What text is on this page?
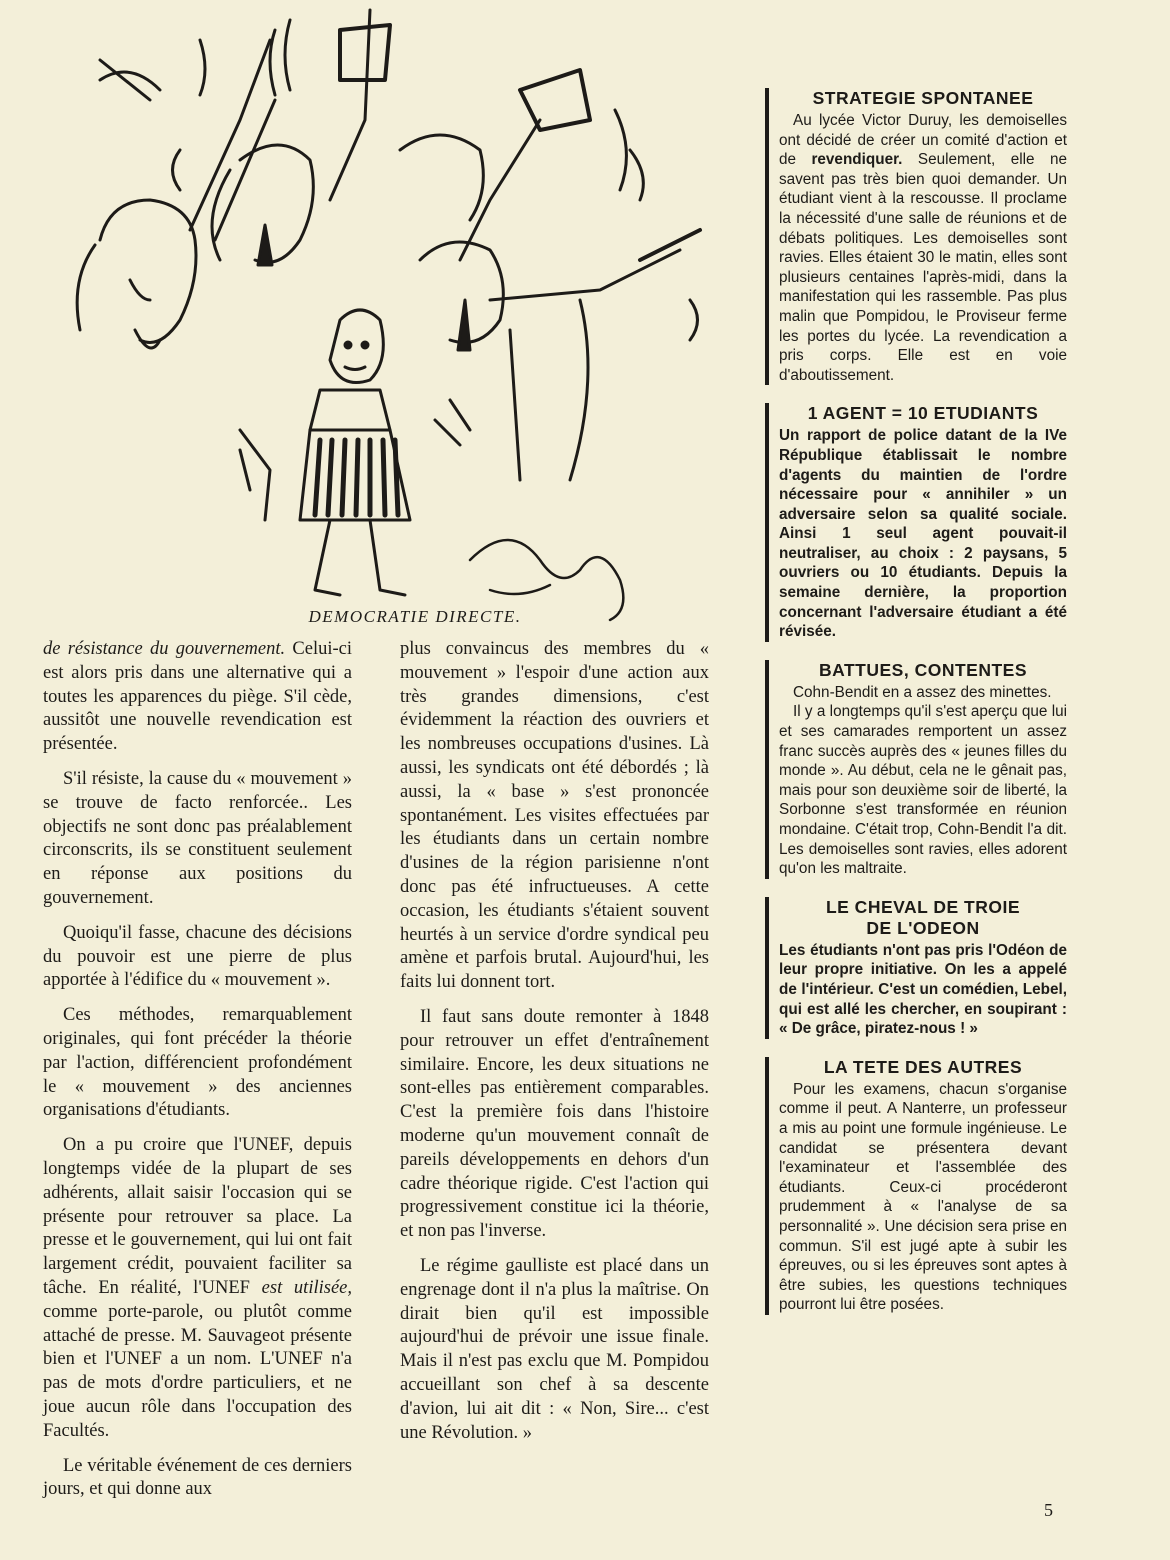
DEMOCRATIE DIRECTE.

de résistance du gouvernement. Celui-ci est alors pris dans une alternative qui a toutes les apparences du piège. S'il cède, aussitôt une nouvelle revendication est présentée.

S'il résiste, la cause du « mouvement » se trouve de facto renforcée.. Les objectifs ne sont donc pas préalablement circonscrits, ils se constituent seulement en réponse aux positions du gouvernement.

Quoiqu'il fasse, chacune des décisions du pouvoir est une pierre de plus apportée à l'édifice du « mouvement ».

Ces méthodes, remarquablement originales, qui font précéder la théorie par l'action, différencient profondément le « mouvement » des anciennes organisations d'étudiants.

On a pu croire que l'UNEF, depuis longtemps vidée de la plupart de ses adhérents, allait saisir l'occasion qui se présente pour retrouver sa place. La presse et le gouvernement, qui lui ont fait largement crédit, pouvaient faciliter sa tâche. En réalité, l'UNEF est utilisée, comme porte-parole, ou plutôt comme attaché de presse. M. Sauvageot présente bien et l'UNEF a un nom. L'UNEF n'a pas de mots d'ordre particuliers, et ne joue aucun rôle dans l'occupation des Facultés.

Le véritable événement de ces derniers jours, et qui donne aux

plus convaincus des membres du « mouvement » l'espoir d'une action aux très grandes dimensions, c'est évidemment la réaction des ouvriers et les nombreuses occupations d'usines. Là aussi, les syndicats ont été débordés ; là aussi, la « base » s'est prononcée spontanément. Les visites effectuées par les étudiants dans un certain nombre d'usines de la région parisienne n'ont donc pas été infructueuses. A cette occasion, les étudiants s'étaient souvent heurtés à un service d'ordre syndical peu amène et parfois brutal. Aujourd'hui, les faits lui donnent tort.

Il faut sans doute remonter à 1848 pour retrouver un effet d'entraînement similaire. Encore, les deux situations ne sont-elles pas entièrement comparables. C'est la première fois dans l'histoire moderne qu'un mouvement connaît de pareils développements en dehors d'un cadre théorique rigide. C'est l'action qui progressivement constitue ici la théorie, et non pas l'inverse.

Le régime gaulliste est placé dans un engrenage dont il n'a plus la maîtrise. On dirait bien qu'il est impossible aujourd'hui de prévoir une issue finale. Mais il n'est pas exclu que M. Pompidou accueillant son chef à sa descente d'avion, lui ait dit : « Non, Sire... c'est une Révolution. »

STRATEGIE SPONTANEE

Au lycée Victor Duruy, les demoiselles ont décidé de créer un comité d'action et de revendiquer. Seulement, elle ne savent pas très bien quoi demander. Un étudiant vient à la rescousse. Il proclame la nécessité d'une salle de réunions et de débats politiques. Les demoiselles sont ravies. Elles étaient 30 le matin, elles sont plusieurs centaines l'après-midi, dans la manifestation qui les rassemble. Pas plus malin que Pompidou, le Proviseur ferme les portes du lycée. La revendication a pris corps. Elle est en voie d'aboutissement.

1 AGENT = 10 ETUDIANTS

Un rapport de police datant de la IVe République établissait le nombre d'agents du maintien de l'ordre nécessaire pour « annihiler » un adversaire selon sa qualité sociale. Ainsi 1 seul agent pouvait-il neutraliser, au choix : 2 paysans, 5 ouvriers ou 10 étudiants. Depuis la semaine dernière, la proportion concernant l'adversaire étudiant a été révisée.

BATTUES, CONTENTES

Cohn-Bendit en a assez des minettes.

Il y a longtemps qu'il s'est aperçu que lui et ses camarades remportent un assez franc succès auprès des « jeunes filles du monde ». Au début, cela ne le gênait pas, mais pour son deuxième soir de liberté, la Sorbonne s'est transformée en réunion mondaine. C'était trop, Cohn-Bendit l'a dit. Les demoiselles sont ravies, elles adorent qu'on les maltraite.

LE CHEVAL DE TROIE
DE L'ODEON

Les étudiants n'ont pas pris l'Odéon de leur propre initiative. On les a appelé de l'intérieur. C'est un comédien, Lebel, qui est allé les chercher, en soupirant : « De grâce, piratez-nous ! »

LA TETE DES AUTRES

Pour les examens, chacun s'organise comme il peut. A Nanterre, un professeur a mis au point une formule ingénieuse. Le candidat se présentera devant l'examinateur et l'assemblée des étudiants. Ceux-ci procéderont prudemment à « l'analyse de sa personnalité ». Une décision sera prise en commun. S'il est jugé apte à subir les épreuves, ou si les épreuves sont aptes à être subies, les questions techniques pourront lui être posées.

5
